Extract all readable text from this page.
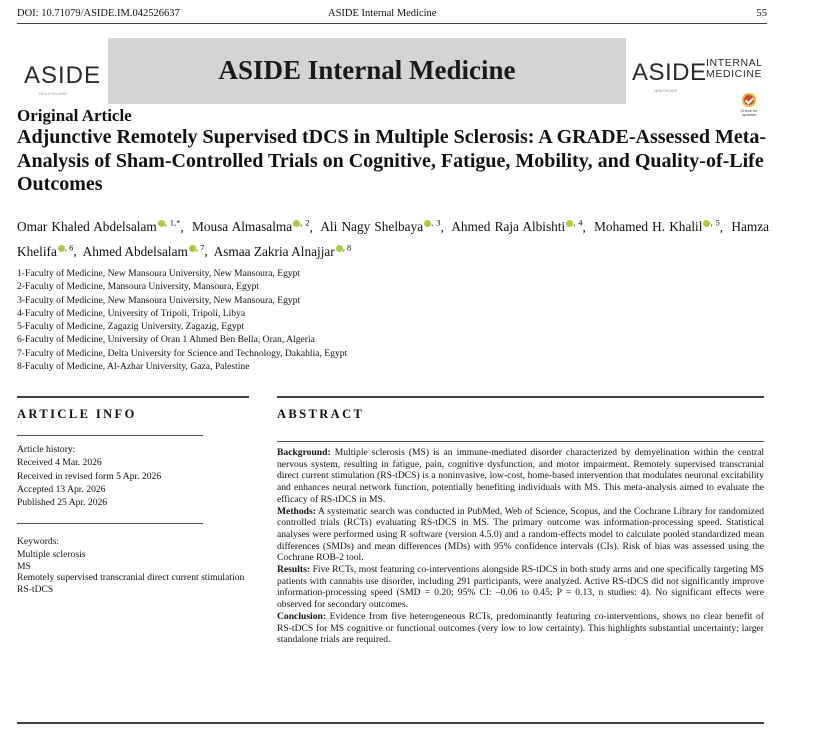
DOI: 10.71079/ASIDE.IM.042526637	ASIDE Internal Medicine	55
ASIDE
HEALTHCARE
ASIDE Internal Medicine	ASIDE INTERNAL
MEDICINE
HEALTHCARE
Check for updates
Original Article
Adjunctive Remotely Supervised tDCS in Multiple Sclerosis: A GRADE-Assessed Meta-Analysis of Sham-Controlled Trials on Cognitive, Fatigue, Mobility, and Quality-of-Life Outcomes
Omar Khaled Abdelsalam $^{, 1,*}$,  Mousa Almasalma $^{, 2}$,  Ali Nagy Shelbaya $^{, 3}$,  Ahmed Raja Albishti $^{, 4}$,  Mohamed H. Khalil $^{, 5}$,  Hamza Khelifa $^{, 6}$,  Ahmed Abdelsalam $^{, 7}$,  Asmaa Zakria Alnajjar $^{, 8}$
1-Faculty of Medicine, New Mansoura University, New Mansoura, Egypt
2-Faculty of Medicine, Mansoura University, Mansoura, Egypt
3-Faculty of Medicine, New Mansoura University, New Mansoura, Egypt
4-Faculty of Medicine, University of Tripoli, Tripoli, Libya
5-Faculty of Medicine, Zagazig University, Zagazig, Egypt
6-Faculty of Medicine, University of Oran 1 Ahmed Ben Bella, Oran, Algeria
7-Faculty of Medicine, Delta University for Science and Technology, Dakahlia, Egypt
8-Faculty of Medicine, Al-Azhar University, Gaza, Palestine
ARTICLE INFO
Article history:
Received 4 Mar. 2026
Received in revised form 5 Apr. 2026
Accepted 13 Apr. 2026
Published 25 Apr. 2026
Keywords:
Multiple sclerosis
MS
Remotely supervised transcranial direct current stimulation
RS-tDCS
ABSTRACT

Background: Multiple sclerosis (MS) is an immune-mediated disorder characterized by demyelination within the central nervous system, resulting in fatigue, pain, cognitive dysfunction, and motor impairment. Remotely supervised transcranial direct current stimulation (RS-tDCS) is a noninvasive, low-cost, home-based intervention that modulates neuronal excitability and enhances neural network function, potentially benefiting individuals with MS. This meta-analysis aimed to evaluate the efficacy of RS-tDCS in MS.

Methods: A systematic search was conducted in PubMed, Web of Science, Scopus, and the Cochrane Library for randomized controlled trials (RCTs) evaluating RS-tDCS in MS. The primary outcome was information-processing speed. Statistical analyses were performed using R software (version 4.5.0) and a random-effects model to calculate pooled standardized mean differences (SMDs) and mean differences (MDs) with 95% confidence intervals (CIs). Risk of bias was assessed using the Cochrane ROB-2 tool.

Results: Five RCTs, most featuring co-interventions alongside RS-tDCS in both study arms and one specifically targeting MS patients with cannabis use disorder, including 291 participants, were analyzed. Active RS-tDCS did not significantly improve information-processing speed (SMD = 0.20; 95% CI: –0.06 to 0.45; P = 0.13, n studies: 4). No significant effects were observed for secondary outcomes.

Conclusion: Evidence from five heterogeneous RCTs, predominantly featuring co-interventions, shows no clear benefit of RS-tDCS for MS cognitive or functional outcomes (very low to low certainty). This highlights substantial uncertainty; larger standalone trials are required.
